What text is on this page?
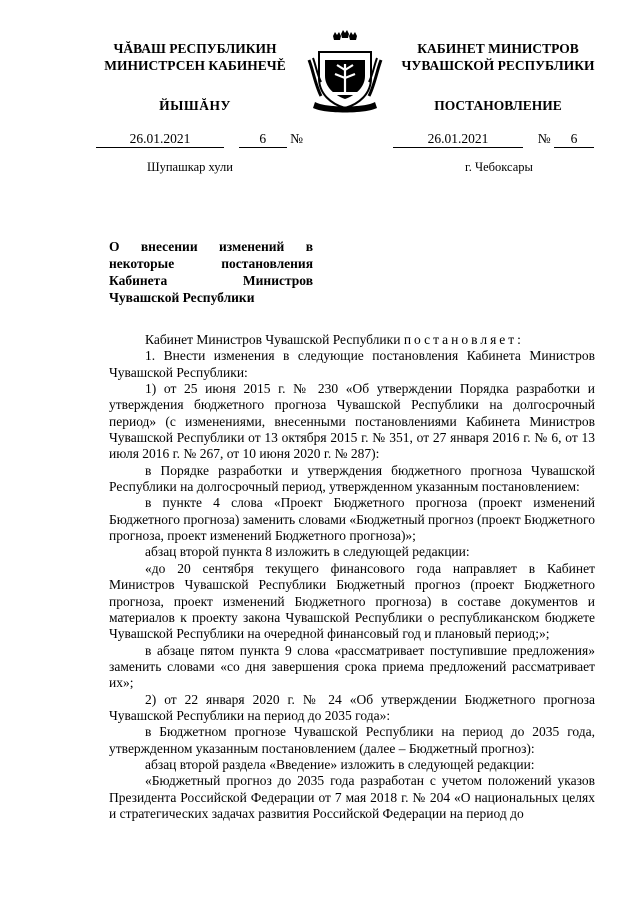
ЧĂВАШ РЕСПУБЛИКИН
МИНИСТРСЕН КАБИНЕЧĚ
КАБИНЕТ МИНИСТРОВ
ЧУВАШСКОЙ РЕСПУБЛИКИ
ЙЫШĂНУ	ПОСТАНОВЛЕНИЕ
26.01.2021	6 №	26.01.2021	№ 6
Шупашкар хули	г. Чебоксары
О внесении изменений в некоторые постановления Кабинета Министров Чувашской Республики

Кабинет Министров Чувашской Республики постановляет:

1. Внести изменения в следующие постановления Кабинета Министров Чувашской Республики:

1) от 25 июня 2015 г. № 230 «Об утверждении Порядка разработки и утверждения бюджетного прогноза Чувашской Республики на долгосрочный период» (с изменениями, внесенными постановлениями Кабинета Министров Чувашской Республики от 13 октября 2015 г. № 351, от 27 января 2016 г. № 6, от 13 июля 2016 г. № 267, от 10 июня 2020 г. № 287):

в Порядке разработки и утверждения бюджетного прогноза Чувашской Республики на долгосрочный период, утвержденном указанным постановлением:

в пункте 4 слова «Проект Бюджетного прогноза (проект изменений Бюджетного прогноза) заменить словами «Бюджетный прогноз (проект Бюджетного прогноза, проект изменений Бюджетного прогноза)»;

абзац второй пункта 8 изложить в следующей редакции:

«до 20 сентября текущего финансового года направляет в Кабинет Министров Чувашской Республики Бюджетный прогноз (проект Бюджетного прогноза, проект изменений Бюджетного прогноза) в составе документов и материалов к проекту закона Чувашской Республики о республиканском бюджете Чувашской Республики на очередной финансовый год и плановый период;»;

в абзаце пятом пункта 9 слова «рассматривает поступившие предложения» заменить словами «со дня завершения срока приема предложений рассматривает их»;

2) от 22 января 2020 г. № 24 «Об утверждении Бюджетного прогноза Чувашской Республики на период до 2035 года»:

в Бюджетном прогнозе Чувашской Республики на период до 2035 года, утвержденном указанным постановлением (далее – Бюджетный прогноз):

абзац второй раздела «Введение» изложить в следующей редакции:

«Бюджетный прогноз до 2035 года разработан с учетом положений указов Президента Российской Федерации от 7 мая 2018 г. № 204 «О национальных целях и стратегических задачах развития Российской Федерации на период до
